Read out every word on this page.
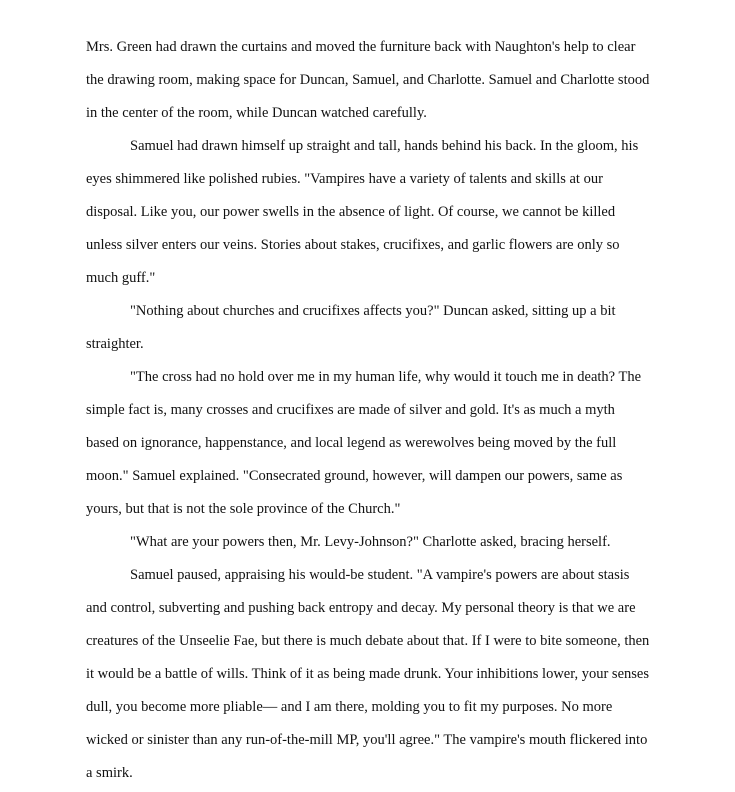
Mrs. Green had drawn the curtains and moved the furniture back with Naughton's help to clear
the drawing room, making space for Duncan, Samuel, and Charlotte. Samuel and Charlotte stood
in the center of the room, while Duncan watched carefully.
Samuel had drawn himself up straight and tall, hands behind his back. In the gloom, his
eyes shimmered like polished rubies. "Vampires have a variety of talents and skills at our
disposal. Like you, our power swells in the absence of light. Of course, we cannot be killed
unless silver enters our veins. Stories about stakes, crucifixes, and garlic flowers are only so
much guff."
"Nothing about churches and crucifixes affects you?" Duncan asked, sitting up a bit
straighter.
"The cross had no hold over me in my human life, why would it touch me in death? The
simple fact is, many crosses and crucifixes are made of silver and gold. It's as much a myth
based on ignorance, happenstance, and local legend as werewolves being moved by the full
moon." Samuel explained. "Consecrated ground, however, will dampen our powers, same as
yours, but that is not the sole province of the Church."
"What are your powers then, Mr. Levy-Johnson?" Charlotte asked, bracing herself.
Samuel paused, appraising his would-be student. "A vampire's powers are about stasis
and control, subverting and pushing back entropy and decay. My personal theory is that we are
creatures of the Unseelie Fae, but there is much debate about that. If I were to bite someone, then
it would be a battle of wills. Think of it as being made drunk. Your inhibitions lower, your senses
dull, you become more pliable— and I am there, molding you to fit my purposes. No more
wicked or sinister than any run-of-the-mill MP, you'll agree." The vampire's mouth flickered into
a smirk.
